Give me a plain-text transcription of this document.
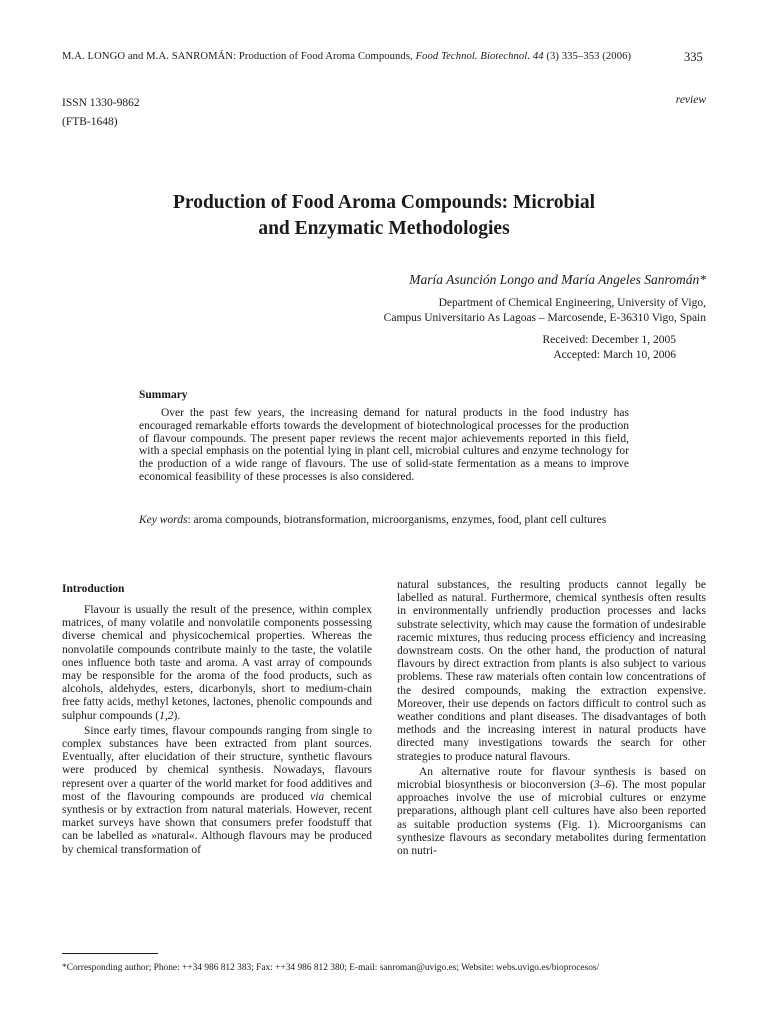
M.A. LONGO and M.A. SANROMÁN: Production of Food Aroma Compounds, Food Technol. Biotechnol. 44 (3) 335–353 (2006)	335
ISSN 1330-9862
(FTB-1648)
review
Production of Food Aroma Compounds: Microbial
and Enzymatic Methodologies
María Asunción Longo and María Angeles Sanromán*
Department of Chemical Engineering, University of Vigo,
Campus Universitario As Lagoas – Marcosende, E-36310 Vigo, Spain
Received: December 1, 2005
Accepted: March 10, 2006
Summary

Over the past few years, the increasing demand for natural products in the food industry has encouraged remarkable efforts towards the development of biotechnological processes for the production of flavour compounds. The present paper reviews the recent major achievements reported in this field, with a special emphasis on the potential lying in plant cell, microbial cultures and enzyme technology for the production of a wide range of flavours. The use of solid-state fermentation as a means to improve economical feasibility of these processes is also considered.

Key words: aroma compounds, biotransformation, microorganisms, enzymes, food, plant cell cultures

Introduction

Flavour is usually the result of the presence, within complex matrices, of many volatile and nonvolatile components possessing diverse chemical and physicochemical properties. Whereas the nonvolatile compounds contribute mainly to the taste, the volatile ones influence both taste and aroma. A vast array of compounds may be responsible for the aroma of the food products, such as alcohols, aldehydes, esters, dicarbonyls, short to medium-chain free fatty acids, methyl ketones, lactones, phenolic compounds and sulphur compounds (1,2).

Since early times, flavour compounds ranging from single to complex substances have been extracted from plant sources. Eventually, after elucidation of their structure, synthetic flavours were produced by chemical synthesis. Nowadays, flavours represent over a quarter of the world market for food additives and most of the flavouring compounds are produced via chemical synthesis or by extraction from natural materials. However, recent market surveys have shown that consumers prefer foodstuff that can be labelled as »natural«. Although flavours may be produced by chemical transformation of

natural substances, the resulting products cannot legally be labelled as natural. Furthermore, chemical synthesis often results in environmentally unfriendly production processes and lacks substrate selectivity, which may cause the formation of undesirable racemic mixtures, thus reducing process efficiency and increasing downstream costs. On the other hand, the production of natural flavours by direct extraction from plants is also subject to various problems. These raw materials often contain low concentrations of the desired compounds, making the extraction expensive. Moreover, their use depends on factors difficult to control such as weather conditions and plant diseases. The disadvantages of both methods and the increasing interest in natural products have directed many investigations towards the search for other strategies to produce natural flavours.

An alternative route for flavour synthesis is based on microbial biosynthesis or bioconversion (3–6). The most popular approaches involve the use of microbial cultures or enzyme preparations, although plant cell cultures have also been reported as suitable production systems (Fig. 1). Microorganisms can synthesize flavours as secondary metabolites during fermentation on nutri-

*Corresponding author; Phone: ++34 986 812 383; Fax: ++34 986 812 380; E-mail: sanroman@uvigo.es; Website: webs.uvigo.es/bioprocesos/
